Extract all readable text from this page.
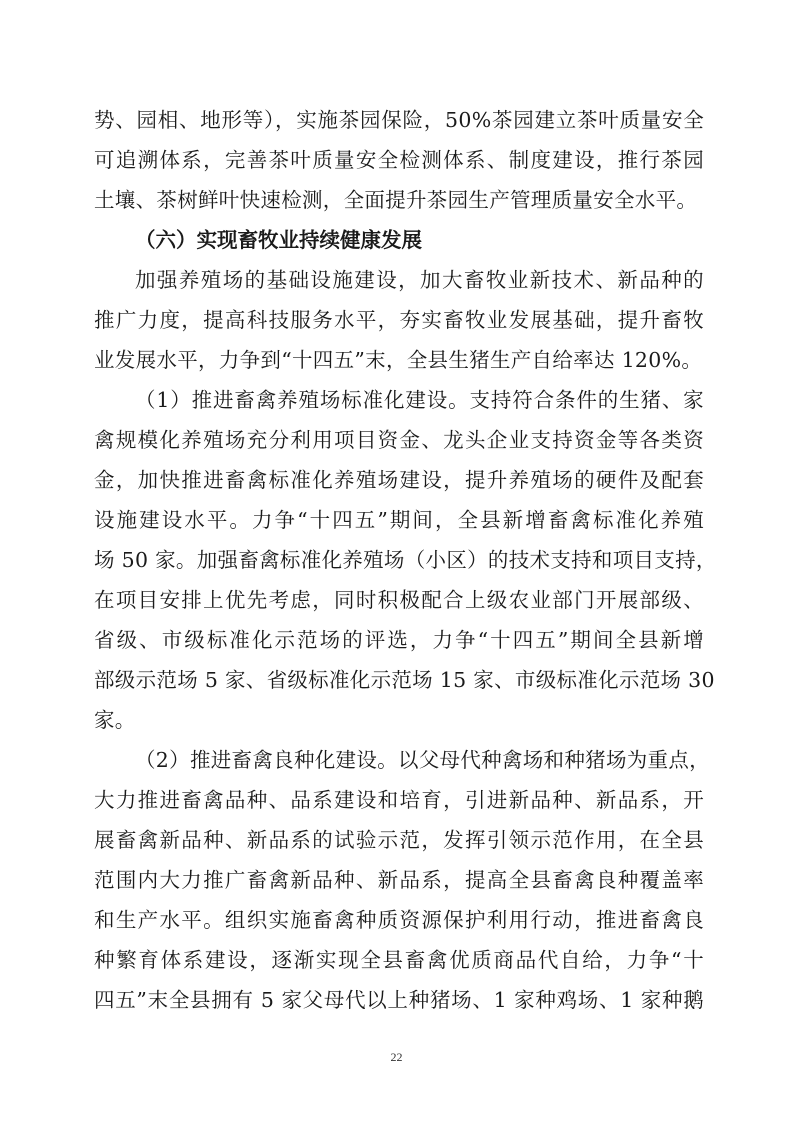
势、园相、地形等），实施茶园保险，50%茶园建立茶叶质量安全
可追溯体系，完善茶叶质量安全检测体系、制度建设，推行茶园
土壤、茶树鲜叶快速检测，全面提升茶园生产管理质量安全水平。
（六）实现畜牧业持续健康发展
加强养殖场的基础设施建设，加大畜牧业新技术、新品种的
推广力度，提高科技服务水平，夯实畜牧业发展基础，提升畜牧
业发展水平，力争到“十四五”末，全县生猪生产自给率达 120%。
（1）推进畜禽养殖场标准化建设。支持符合条件的生猪、家
禽规模化养殖场充分利用项目资金、龙头企业支持资金等各类资
金，加快推进畜禽标准化养殖场建设，提升养殖场的硬件及配套
设施建设水平。力争“十四五”期间，全县新增畜禽标准化养殖
场 50 家。加强畜禽标准化养殖场（小区）的技术支持和项目支持，
在项目安排上优先考虑，同时积极配合上级农业部门开展部级、
省级、市级标准化示范场的评选，力争“十四五”期间全县新增
部级示范场 5 家、省级标准化示范场 15 家、市级标准化示范场 30
家。
（2）推进畜禽良种化建设。以父母代种禽场和种猪场为重点，
大力推进畜禽品种、品系建设和培育，引进新品种、新品系，开
展畜禽新品种、新品系的试验示范，发挥引领示范作用，在全县
范围内大力推广畜禽新品种、新品系，提高全县畜禽良种覆盖率
和生产水平。组织实施畜禽种质资源保护利用行动，推进畜禽良
种繁育体系建设，逐渐实现全县畜禽优质商品代自给，力争“十
四五”末全县拥有 5 家父母代以上种猪场、1 家种鸡场、1 家种鹅
22
